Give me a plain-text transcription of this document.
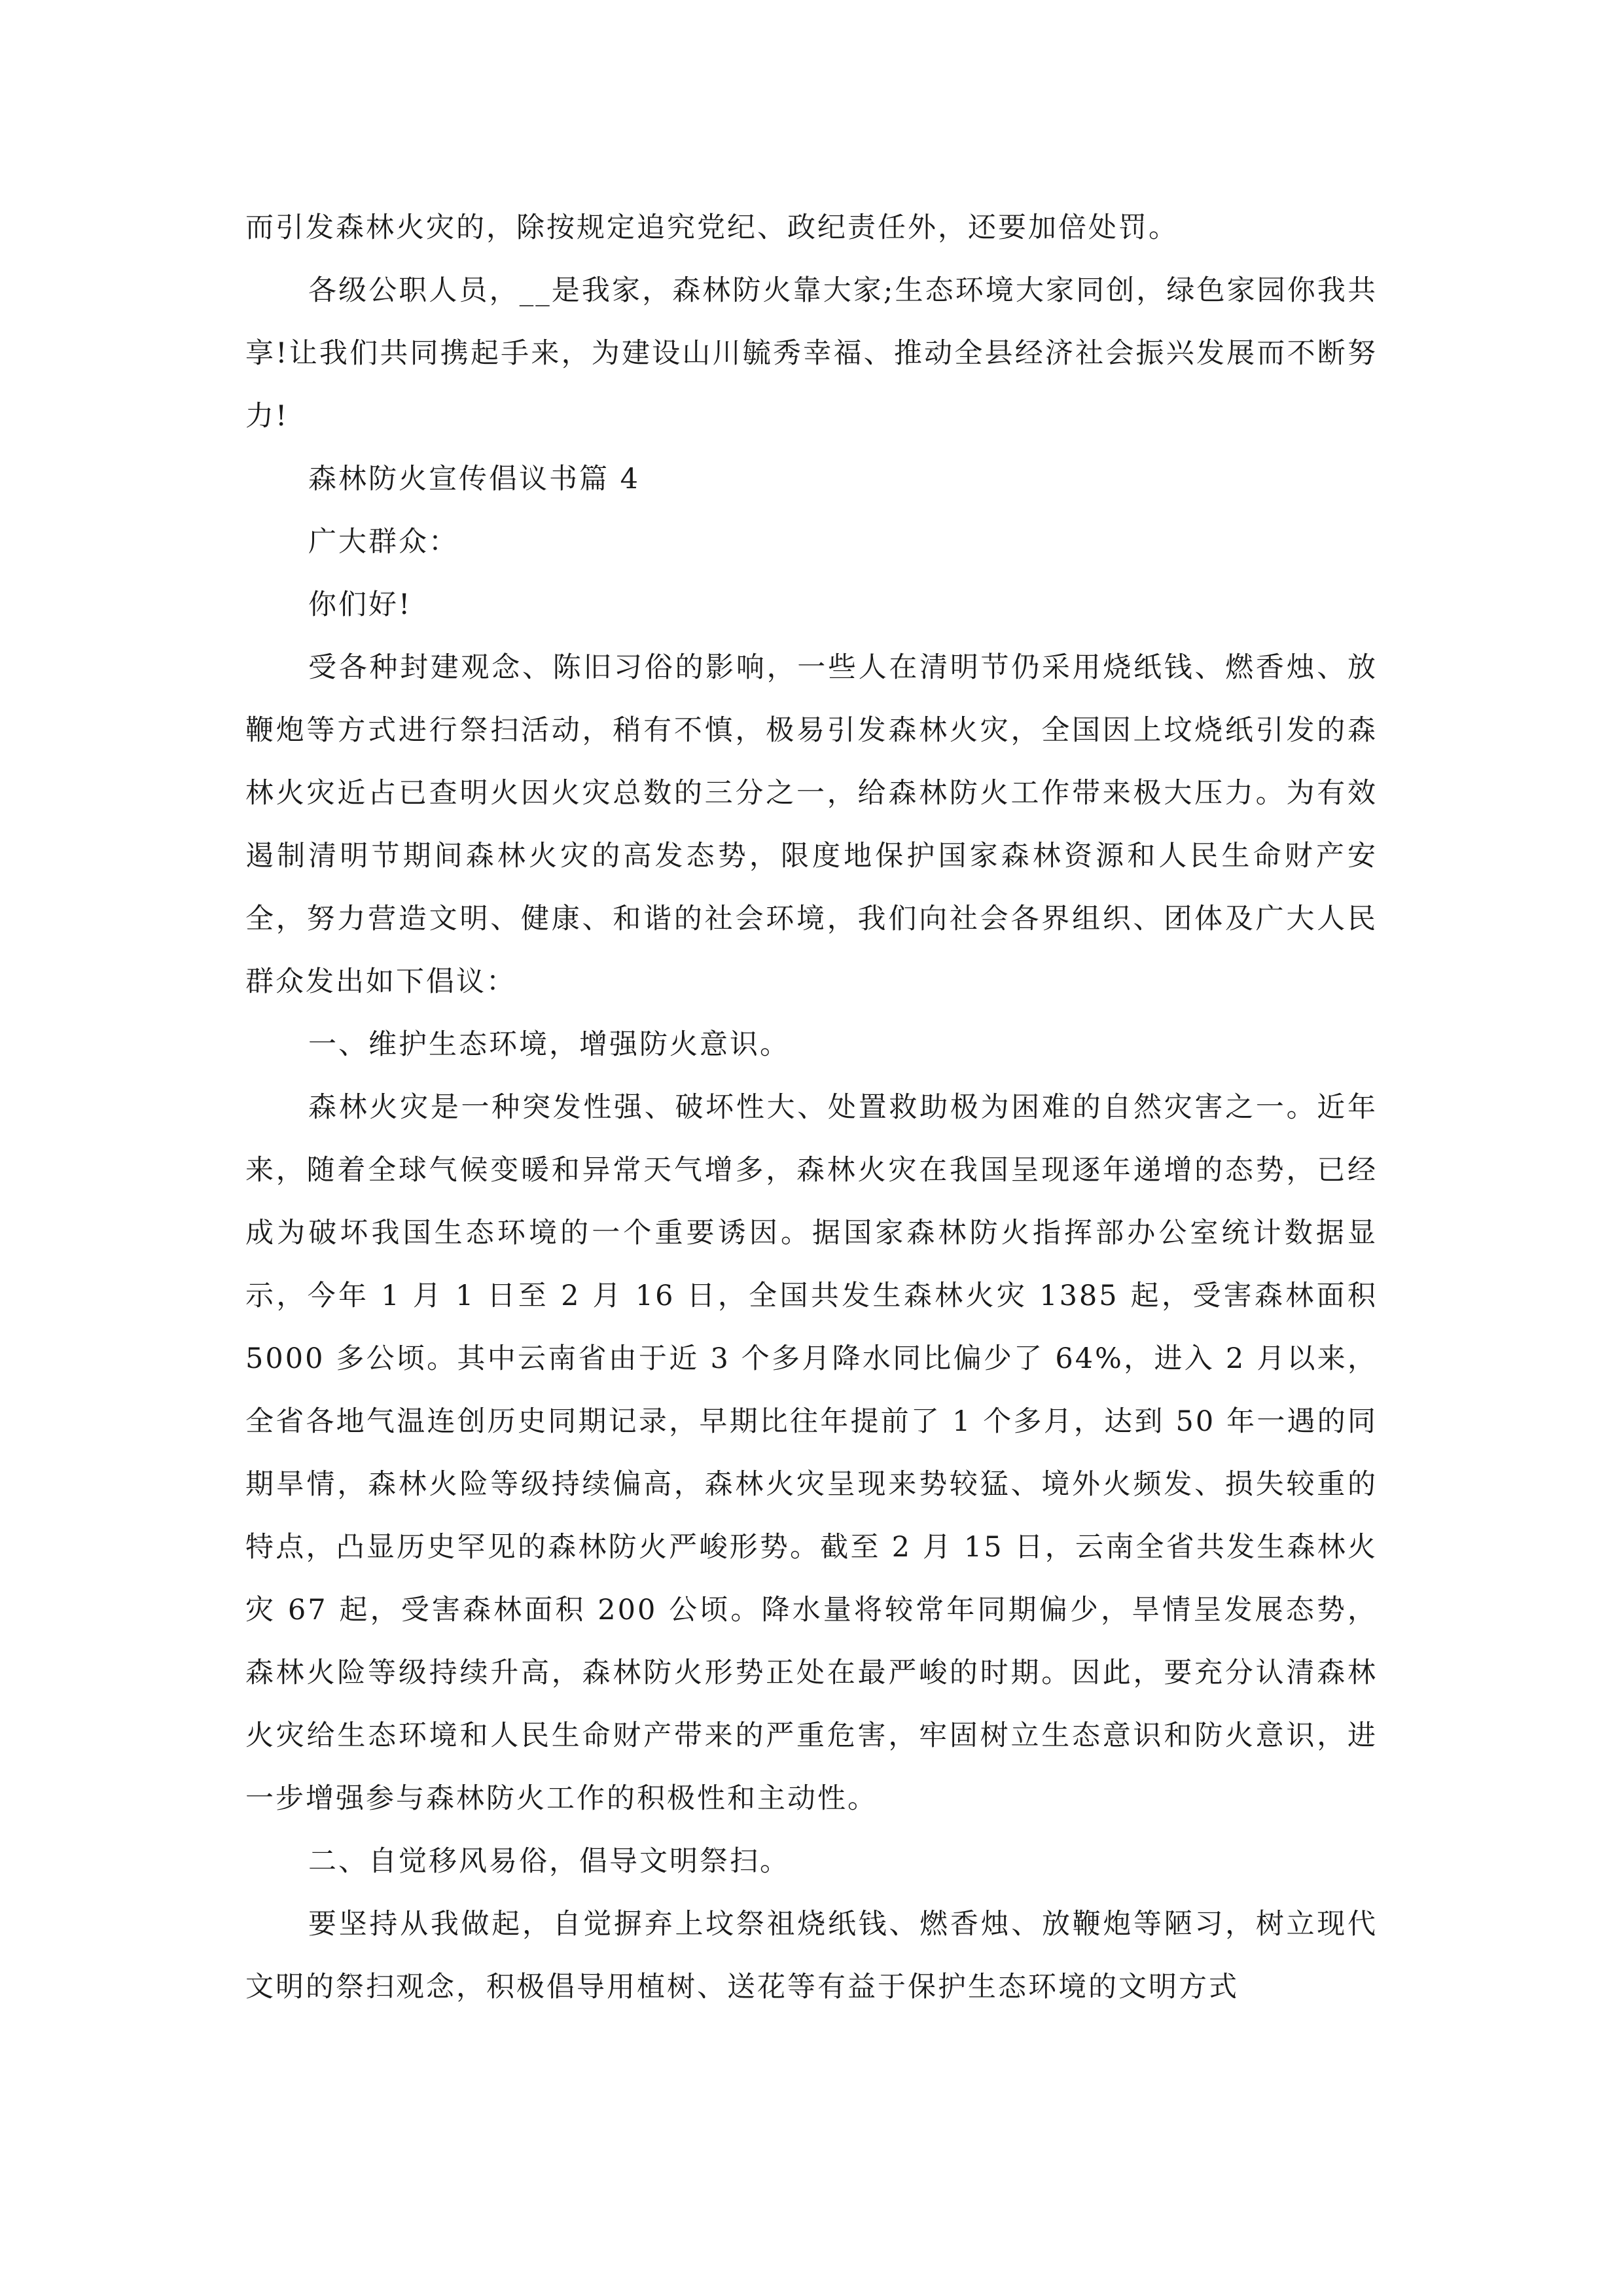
而引发森林火灾的，除按规定追究党纪、政纪责任外，还要加倍处罚。

各级公职人员，__是我家，森林防火靠大家;生态环境大家同创，绿色家园你我共享!让我们共同携起手来，为建设山川毓秀幸福、推动全县经济社会振兴发展而不断努力!

森林防火宣传倡议书篇 4

广大群众：

你们好!

受各种封建观念、陈旧习俗的影响，一些人在清明节仍采用烧纸钱、燃香烛、放鞭炮等方式进行祭扫活动，稍有不慎，极易引发森林火灾，全国因上坟烧纸引发的森林火灾近占已查明火因火灾总数的三分之一，给森林防火工作带来极大压力。为有效遏制清明节期间森林火灾的高发态势，限度地保护国家森林资源和人民生命财产安全，努力营造文明、健康、和谐的社会环境，我们向社会各界组织、团体及广大人民群众发出如下倡议：

一、维护生态环境，增强防火意识。

森林火灾是一种突发性强、破坏性大、处置救助极为困难的自然灾害之一。近年来，随着全球气候变暖和异常天气增多，森林火灾在我国呈现逐年递增的态势，已经成为破坏我国生态环境的一个重要诱因。据国家森林防火指挥部办公室统计数据显示，今年 1 月 1 日至 2 月 16 日，全国共发生森林火灾 1385 起，受害森林面积 5000 多公顷。其中云南省由于近 3 个多月降水同比偏少了 64%，进入 2 月以来，全省各地气温连创历史同期记录，早期比往年提前了 1 个多月，达到 50 年一遇的同期旱情，森林火险等级持续偏高，森林火灾呈现来势较猛、境外火频发、损失较重的特点，凸显历史罕见的森林防火严峻形势。截至 2 月 15 日，云南全省共发生森林火灾 67 起，受害森林面积 200 公顷。降水量将较常年同期偏少，旱情呈发展态势，森林火险等级持续升高，森林防火形势正处在最严峻的时期。因此，要充分认清森林火灾给生态环境和人民生命财产带来的严重危害，牢固树立生态意识和防火意识，进一步增强参与森林防火工作的积极性和主动性。

二、自觉移风易俗，倡导文明祭扫。

要坚持从我做起，自觉摒弃上坟祭祖烧纸钱、燃香烛、放鞭炮等陋习，树立现代文明的祭扫观念，积极倡导用植树、送花等有益于保护生态环境的文明方式
